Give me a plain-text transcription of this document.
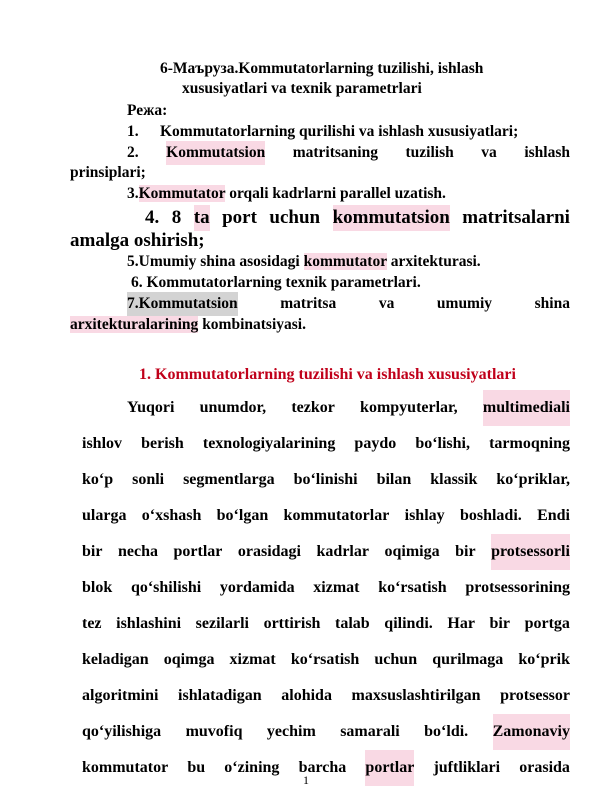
6-Маъруза.Kommutatorlarning tuzilishi, ishlash
xususiyatlari va texnik parametrlari
Режа:
1. Kommutatorlarning qurilishi va ishlash xususiyatlari;
2. Kommutatsion matritsaning tuzilish va ishlash
prinsiplari;
3.Kommutator orqali kadrlarni parallel uzatish.
4. 8 ta port uchun kommutatsion matritsalarni
amalga oshirish;
5.Umumiy shina asosidagi kommutator arxitekturasi.
6. Kommutatorlarning texnik parametrlari.
7.Kommutatsion	matritsa	va	umumiy	shina
arxitekturalarining kombinatsiyasi.
1. Kommutatorlarning tuzilishi va ishlash xususiyatlari
Yuqori unumdor, tezkor kompyuterlar, multimediali
ishlov berish texnologiyalarining paydo bo‘lishi, tarmoqning
ko‘p sonli segmentlarga bo‘linishi bilan klassik ko‘priklar,
ularga o‘xshash bo‘lgan kommutatorlar ishlay boshladi. Endi
bir necha portlar orasidagi kadrlar oqimiga bir protsessorli
blok qo‘shilishi yordamida xizmat ko‘rsatish protsessorining
tez ishlashini sezilarli orttirish talab qilindi. Har bir portga
keladigan oqimga xizmat ko‘rsatish uchun qurilmaga ko‘prik
algoritmini ishlatadigan alohida maxsuslashtirilgan protsessor
qo‘yilishiga muvofiq yechim samarali bo‘ldi. Zamonaviy
kommutator bu o‘zining barcha portlar juftliklari orasida
1
